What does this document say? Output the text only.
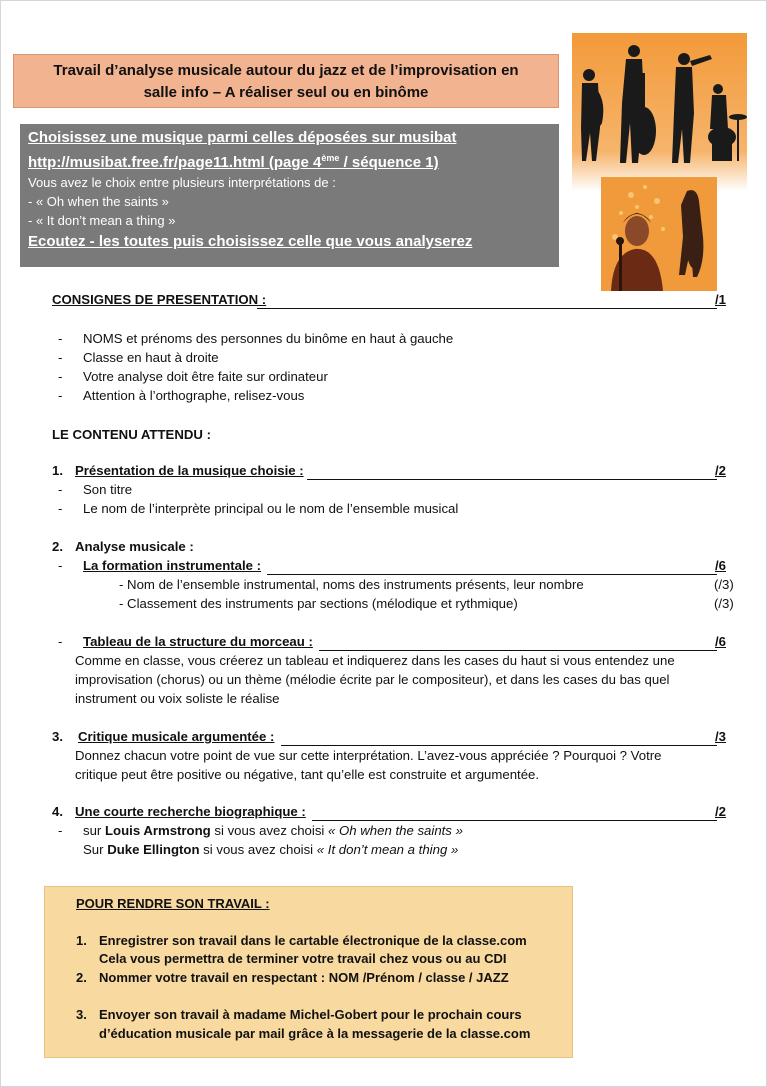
Travail d’analyse musicale autour du jazz et de l’improvisation en
salle info – A réaliser seul ou en binôme
Choisissez une musique parmi celles déposées sur musibat
http://musibat.free.fr/page11.html (page 4ème / séquence 1)
Vous avez le choix entre plusieurs interprétations de :
- « Oh when the saints »
- « It don’t mean a thing »
Ecoutez - les toutes puis choisissez celle que vous analyserez
CONSIGNES DE PRESENTATION :	/1
- NOMS et prénoms des personnes du binôme en haut à gauche
- Classe en haut à droite
- Votre analyse doit être faite sur ordinateur
- Attention à l’orthographe, relisez-vous
LE CONTENU ATTENDU :
1. Présentation de la musique choisie :	/2
- Son titre
- Le nom de l’interprète principal ou le nom de l’ensemble musical
2. Analyse musicale :
- La formation instrumentale :	/6
- Nom de l’ensemble instrumental, noms des instruments présents, leur nombre	(/3)
- Classement des instruments par sections (mélodique et rythmique)	(/3)
- Tableau de la structure du morceau :	/6
Comme en classe, vous créerez un tableau et indiquerez dans les cases du haut si vous entendez une
improvisation (chorus) ou un thème (mélodie écrite par le compositeur), et dans les cases du bas quel
instrument ou voix soliste le réalise
3. Critique musicale argumentée :	/3
Donnez chacun votre point de vue sur cette interprétation. L’avez-vous appréciée ? Pourquoi ? Votre
critique peut être positive ou négative, tant qu’elle est construite et argumentée.
4. Une courte recherche biographique :	/2
- sur Louis Armstrong si vous avez choisi « Oh when the saints »
Sur Duke Ellington si vous avez choisi « It don’t mean a thing »
POUR RENDRE SON TRAVAIL :
1. Enregistrer son travail dans le cartable électronique de la classe.com
Cela vous permettra de terminer votre travail chez vous ou au CDI
2. Nommer votre travail en respectant : NOM /Prénom / classe / JAZZ
3. Envoyer son travail à madame Michel-Gobert pour le prochain cours
d’éducation musicale par mail grâce à la messagerie de la classe.com
